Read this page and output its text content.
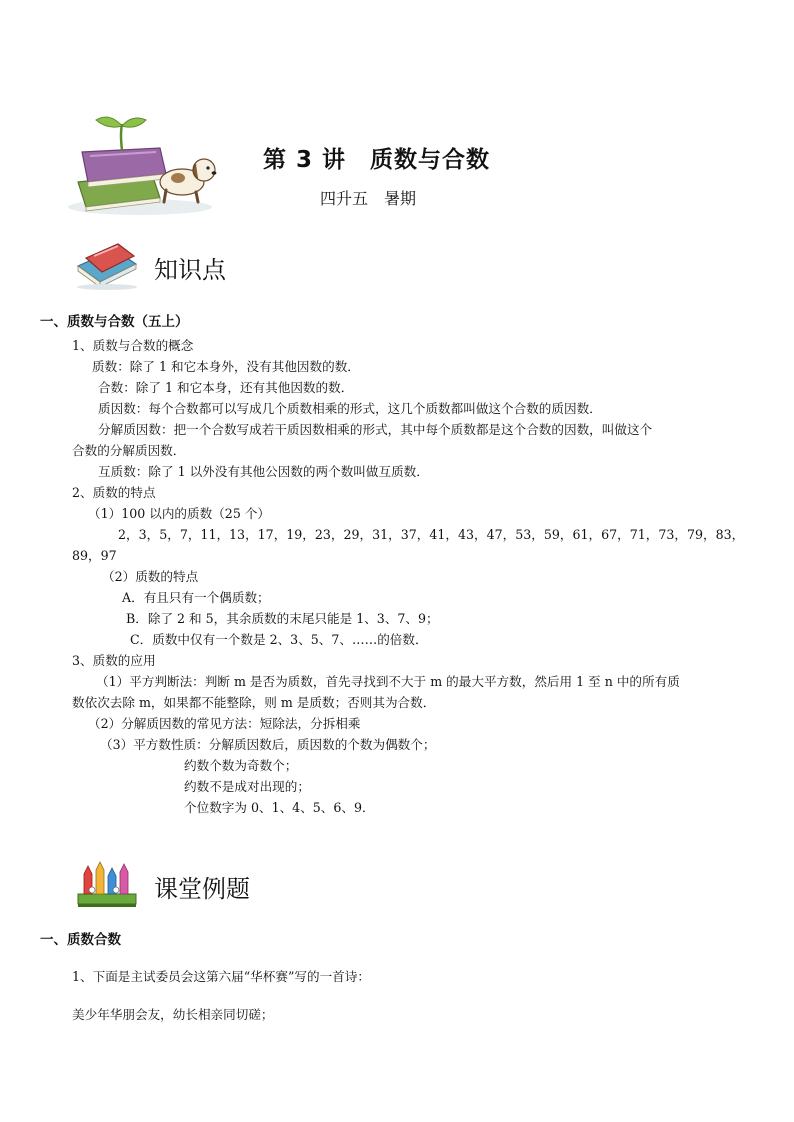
第 3 讲　质数与合数
四升五　暑期
知识点
一、质数与合数（五上）
1、质数与合数的概念
质数：除了 1 和它本身外，没有其他因数的数．
合数：除了 1 和它本身，还有其他因数的数．
质因数：每个合数都可以写成几个质数相乘的形式，这几个质数都叫做这个合数的质因数．
分解质因数：把一个合数写成若干质因数相乘的形式，其中每个质数都是这个合数的因数，叫做这个
合数的分解质因数．
互质数：除了 1 以外没有其他公因数的两个数叫做互质数．
2、质数的特点
（1）100 以内的质数（25 个）
2，3，5，7，11，13，17，19，23，29，31，37，41，43，47，53，59，61，67，71，73，79，83，
89，97
（2）质数的特点
A．有且只有一个偶质数；
B．除了 2 和 5，其余质数的末尾只能是 1、3、7、9；
C．质数中仅有一个数是 2、3、5、7、……的倍数．
3、质数的应用
（1）平方判断法：判断 m 是否为质数，首先寻找到不大于 m 的最大平方数，然后用 1 至 n 中的所有质
数依次去除 m，如果都不能整除，则 m 是质数；否则其为合数．
（2）分解质因数的常见方法：短除法，分拆相乘
（3）平方数性质：分解质因数后，质因数的个数为偶数个；
约数个数为奇数个；
约数不是成对出现的；
个位数字为 0、1、4、5、6、9．
课堂例题
一、质数合数
1、下面是主试委员会这第六届“华杯赛”写的一首诗：
美少年华朋会友，幼长相亲同切磋；
